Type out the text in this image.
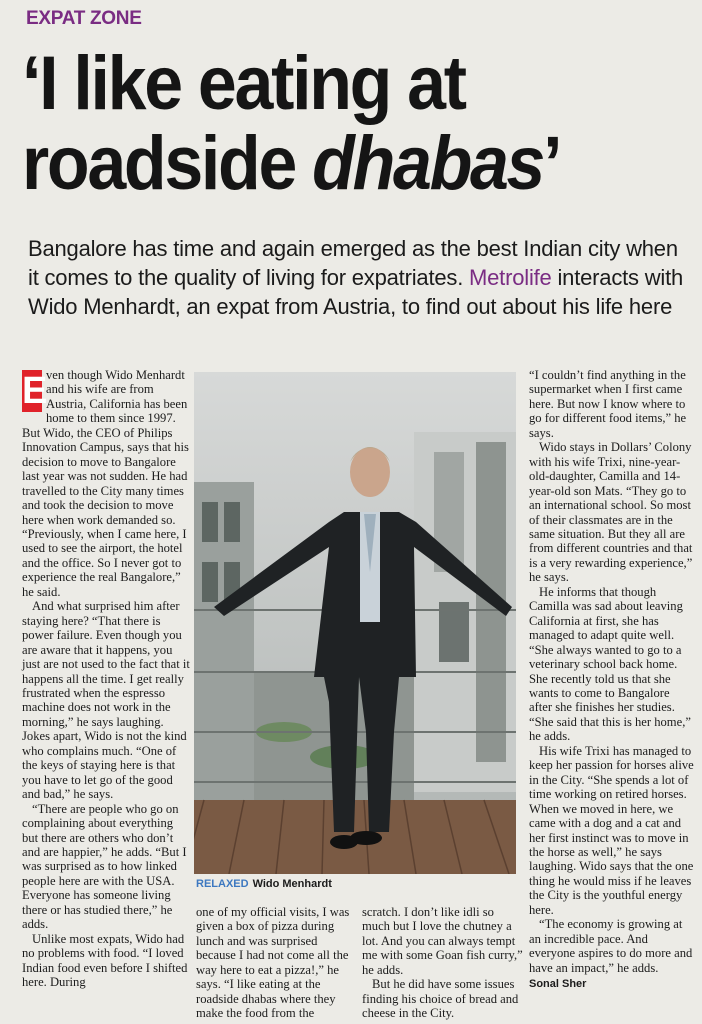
EXPAT ZONE
‘I like eating at
roadside dhabas’
Bangalore has time and again emerged as the best Indian city when it comes to the quality of living for expatriates. Metrolife interacts with Wido Menhardt, an expat from Austria, to find out about his life here

E
ven though Wido Menhardt and his wife are from Austria, California has been home to them since 1997. But Wido, the CEO of Philips Innovation Campus, says that his decision to move to Bangalore last year was not sudden. He had travelled to the City many times and took the decision to move here when work demanded so. “Previously, when I came here, I used to see the airport, the hotel and the office. So I never got to experience the real Bangalore,” he said.

And what surprised him after staying here? “That there is power failure. Even though you are aware that it happens, you just are not used to the fact that it happens all the time. I get really frustrated when the espresso machine does not work in the morning,” he says laughing. Jokes apart, Wido is not the kind who complains much. “One of the keys of staying here is that you have to let go of the good and bad,” he says.

“There are people who go on complaining about everything but there are others who don’t and are happier,” he adds. “But I was surprised as to how linked people here are with the USA. Everyone has someone living there or has studied there,” he adds.

Unlike most expats, Wido had no problems with food. “I loved Indian food even before I shifted here. During

RELAXED Wido Menhardt

one of my official visits, I was given a box of pizza during lunch and was surprised because I had not come all the way here to eat a pizza!,” he says. “I like eating at the roadside dhabas where they make the food from the

scratch. I don’t like idli so much but I love the chutney a lot. And you can always tempt me with some Goan fish curry,” he adds.

But he did have some issues finding his choice of bread and cheese in the City.

“I couldn’t find anything in the supermarket when I first came here. But now I know where to go for different food items,” he says.

Wido stays in Dollars’ Colony with his wife Trixi, nine-year-old-daughter, Camilla and 14-year-old son Mats. “They go to an international school. So most of their classmates are in the same situation. But they all are from different countries and that is a very rewarding experience,” he says.

He informs that though Camilla was sad about leaving California at first, she has managed to adapt quite well. “She always wanted to go to a veterinary school back home. She recently told us that she wants to come to Bangalore after she finishes her studies. “She said that this is her home,” he adds.

His wife Trixi has managed to keep her passion for horses alive in the City. “She spends a lot of time working on retired horses. When we moved in here, we came with a dog and a cat and her first instinct was to move in the horse as well,” he says laughing. Wido says that the one thing he would miss if he leaves the City is the youthful energy here.

“The economy is growing at an incredible pace. And everyone aspires to do more and have an impact,” he adds.

Sonal Sher
